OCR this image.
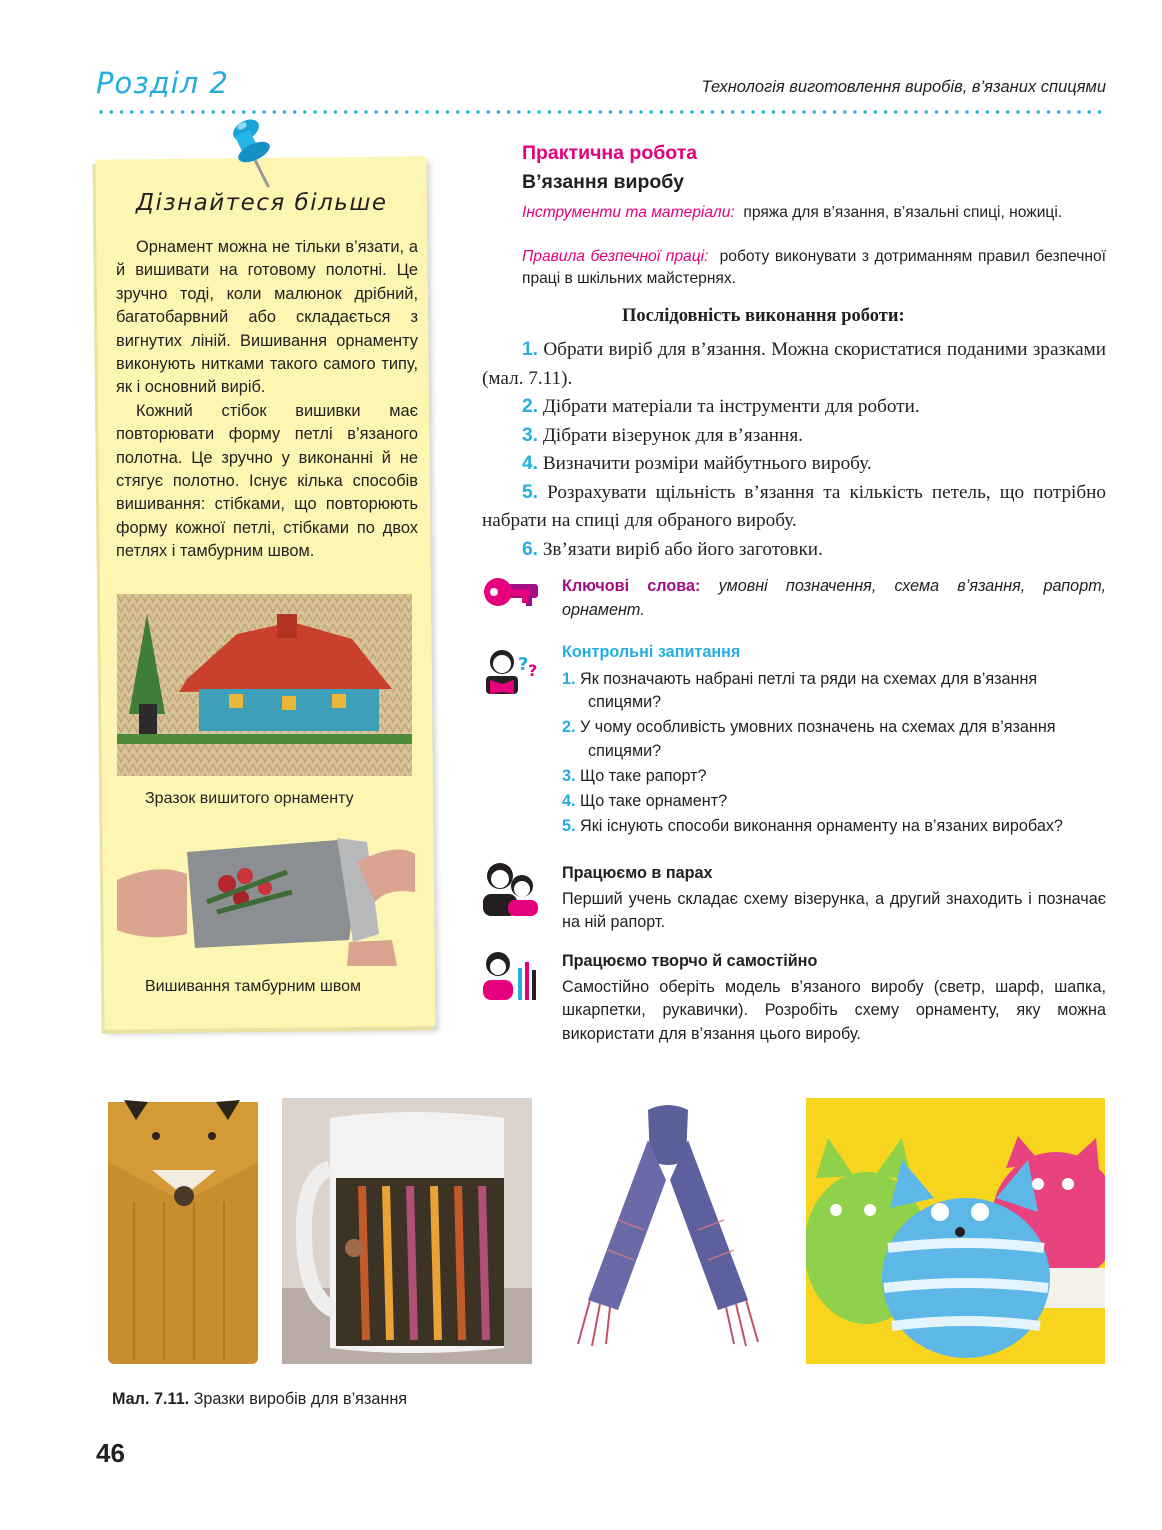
Розділ 2	Технологія виготовлення виробів, в’язаних спицями
Дізнайтеся більше

Орнамент можна не тільки в’язати, а й вишивати на готовому полотні. Це зручно тоді, коли малюнок дрібний, багатобарвний або складається з вигнутих ліній. Вишивання орнаменту виконують нитками такого самого типу, як і основний виріб.

Кожний стібок вишивки має повторювати форму петлі в’язаного полотна. Це зручно у виконанні й не стягує полотно. Існує кілька способів вишивання: стібками, що повторюють форму кожної петлі, стібками по двох петлях і тамбурним швом.

Зразок вишитого орнаменту
Вишивання тамбурним швом
Практична робота
В’язання виробу
Інструменти та матеріали: пряжа для в’язання, в’язальні спиці, ножиці.
Правила безпечної праці: роботу виконувати з дотриманням правил безпечної праці в шкільних майстернях.
Послідовність виконання роботи:
1. Обрати виріб для в’язання. Можна скористатися поданими зразками (мал. 7.11).
2. Дібрати матеріали та інструменти для роботи.
3. Дібрати візерунок для в’язання.
4. Визначити розміри майбутнього виробу.
5. Розрахувати щільність в’язання та кількість петель, що потрібно набрати на спиці для обраного виробу.
6. Зв’язати виріб або його заготовки.
Ключові слова: умовні позначення, схема в’язання, рапорт, орнамент.
? ?
Контрольні запитання
1. Як позначають набрані петлі та ряди на схемах для в’язання спицями?
2. У чому особливість умовних позначень на схемах для в’язання спицями?
3. Що таке рапорт?
4. Що таке орнамент?
5. Які існують способи виконання орнаменту на в’язаних виробах?
Працюємо в парах
Перший учень складає схему візерунка, а другий знаходить і позначає на ній рапорт.
Працюємо творчо й самостійно
Самостійно оберіть модель в’язаного виробу (светр, шарф, шапка, шкарпетки, рукавички). Розробіть схему орнаменту, яку можна використати для в’язання цього виробу.
Мал. 7.11. Зразки виробів для в’язання
46
